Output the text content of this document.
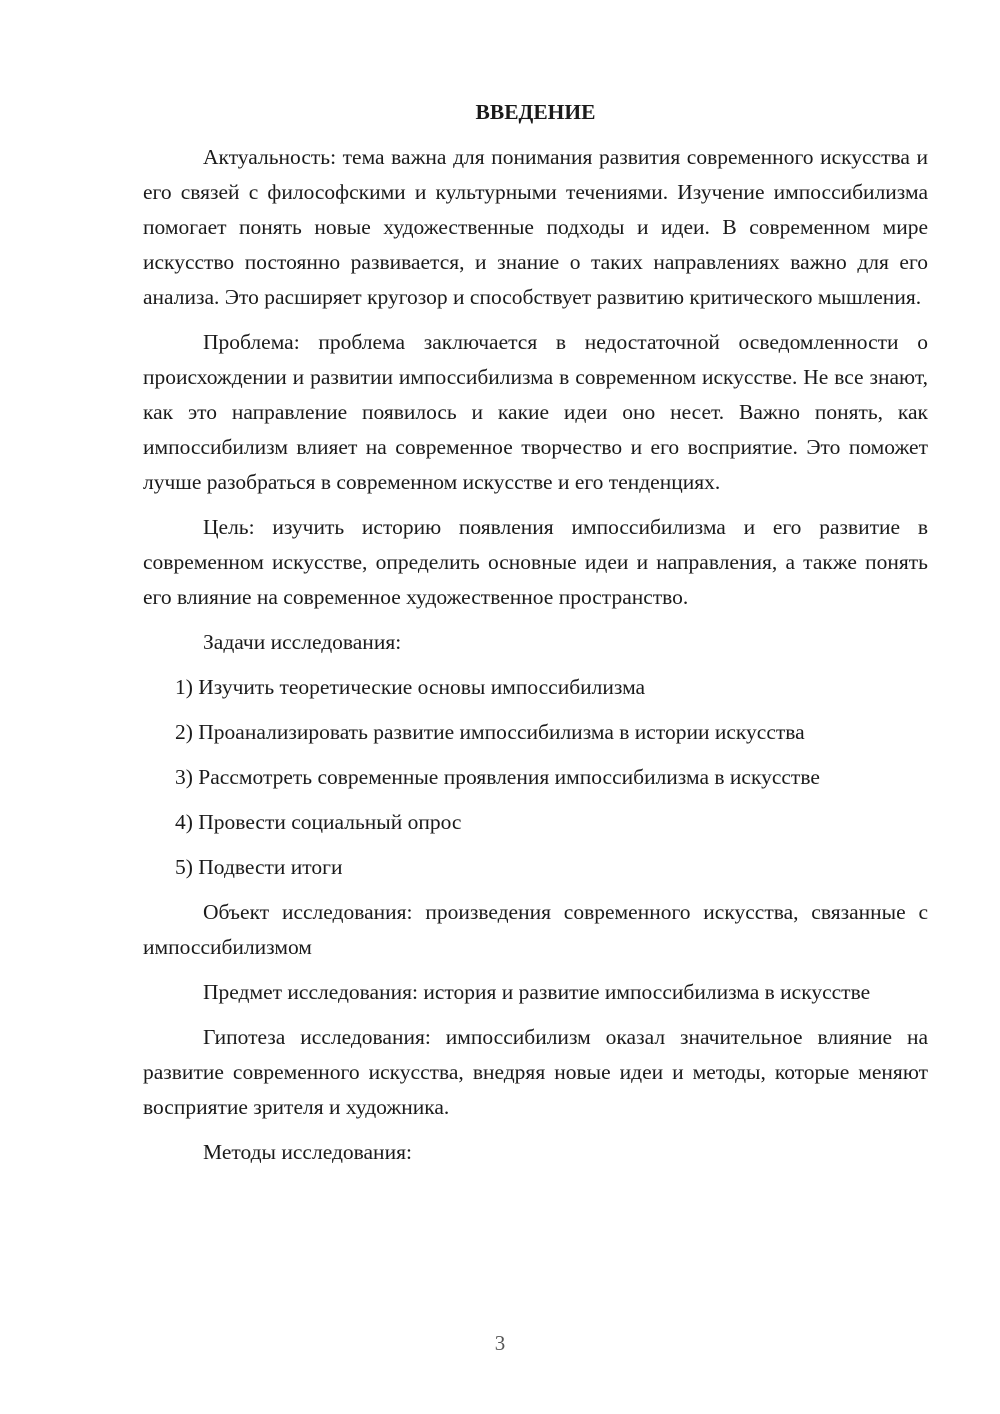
ВВЕДЕНИЕ
Актуальность: тема важна для понимания развития современного искусства и его связей с философскими и культурными течениями. Изучение импоссибилизма помогает понять новые художественные подходы и идеи. В современном мире искусство постоянно развивается, и знание о таких направлениях важно для его анализа. Это расширяет кругозор и способствует развитию критического мышления.
Проблема: проблема заключается в недостаточной осведомленности о происхождении и развитии импоссибилизма в современном искусстве. Не все знают, как это направление появилось и какие идеи оно несет. Важно понять, как импоссибилизм влияет на современное творчество и его восприятие. Это поможет лучше разобраться в современном искусстве и его тенденциях.
Цель: изучить историю появления импоссибилизма и его развитие в современном искусстве, определить основные идеи и направления, а также понять его влияние на современное художественное пространство.
Задачи исследования:
1) Изучить теоретические основы импоссибилизма
2) Проанализировать развитие импоссибилизма в истории искусства
3) Рассмотреть современные проявления импоссибилизма в искусстве
4) Провести социальный опрос
5) Подвести итоги
Объект исследования: произведения современного искусства, связанные с импоссибилизмом
Предмет исследования: история и развитие импоссибилизма в искусстве
Гипотеза исследования: импоссибилизм оказал значительное влияние на развитие современного искусства, внедряя новые идеи и методы, которые меняют восприятие зрителя и художника.
Методы исследования:
3
